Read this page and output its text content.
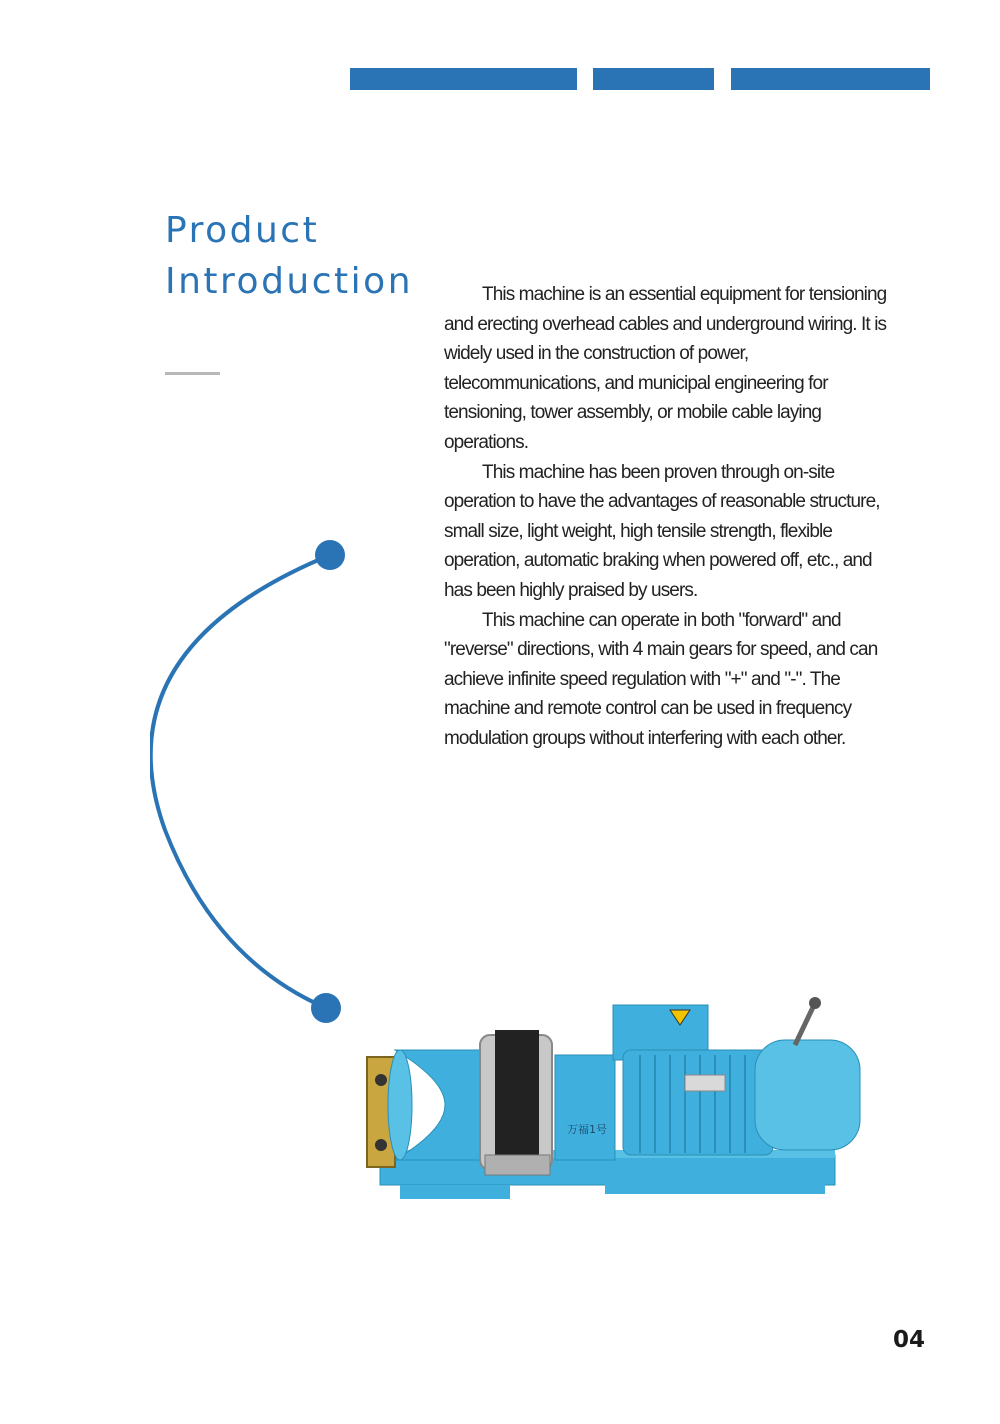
Product
Introduction	This machine is an essential equipment for tensioning and erecting overhead cables and underground wiring. It is widely used in the construction of power, telecommunications, and municipal engineering for tensioning, tower assembly, or mobile cable laying operations.

This machine has been proven through on-site operation to have the advantages of reasonable structure, small size, light weight, high tensile strength, flexible operation, automatic braking when powered off, etc., and has been highly praised by users.

This machine can operate in both "forward" and "reverse" directions, with 4 main gears for speed, and can achieve infinite speed regulation with "+" and "-". The machine and remote control can be used in frequency modulation groups without interfering with each other.

万福1号
04
